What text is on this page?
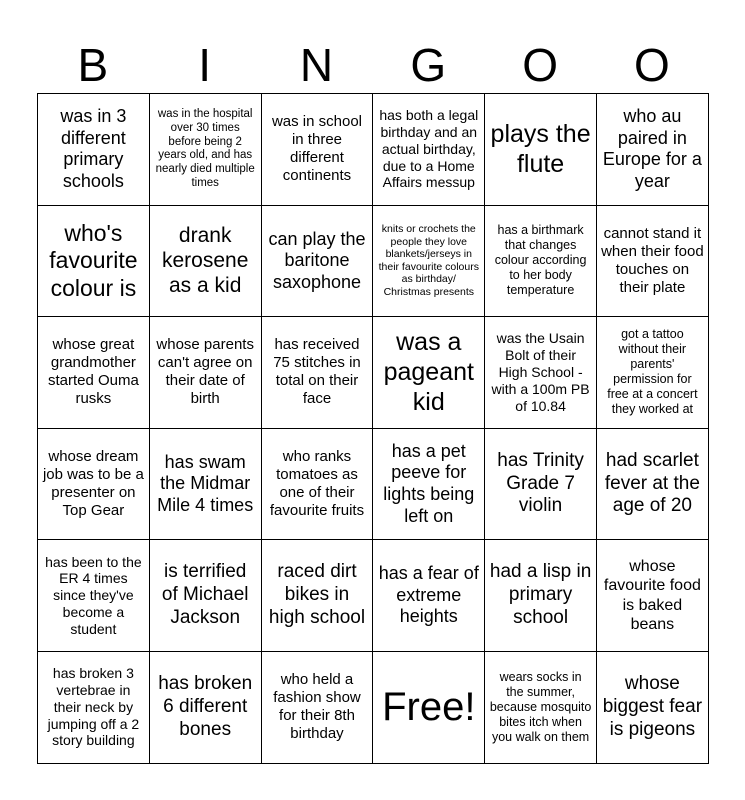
B	I	N	G	O	O
was in 3 different primary schools	was in the hospital over 30 times before being 2 years old, and has nearly died multiple times	was in school in three different continents	has both a legal birthday and an actual birthday, due to a Home Affairs messup	plays the flute	who au paired in Europe for a year
who's favourite colour is	drank kerosene as a kid	can play the baritone saxophone	knits or crochets the people they love blankets/jerseys in their favourite colours as birthday/ Christmas presents	has a birthmark that changes colour according to her body temperature	cannot stand it when their food touches on their plate
whose great grandmother started Ouma rusks	whose parents can't agree on their date of birth	has received 75 stitches in total on their face	was a pageant kid	was the Usain Bolt of their High School - with a 100m PB of 10.84	got a tattoo without their parents' permission for free at a concert they worked at
whose dream job was to be a presenter on Top Gear	has swam the Midmar Mile 4 times	who ranks tomatoes as one of their favourite fruits	has a pet peeve for lights being left on	has Trinity Grade 7 violin	had scarlet fever at the age of 20
has been to the ER 4 times since they've become a student	is terrified of Michael Jackson	raced dirt bikes in high school	has a fear of extreme heights	had a lisp in primary school	whose favourite food is baked beans
has broken 3 vertebrae in their neck by jumping off a 2 story building	has broken 6 different bones	who held a fashion show for their 8th birthday	Free!	wears socks in the summer, because mosquito bites itch when you walk on them	whose biggest fear is pigeons
